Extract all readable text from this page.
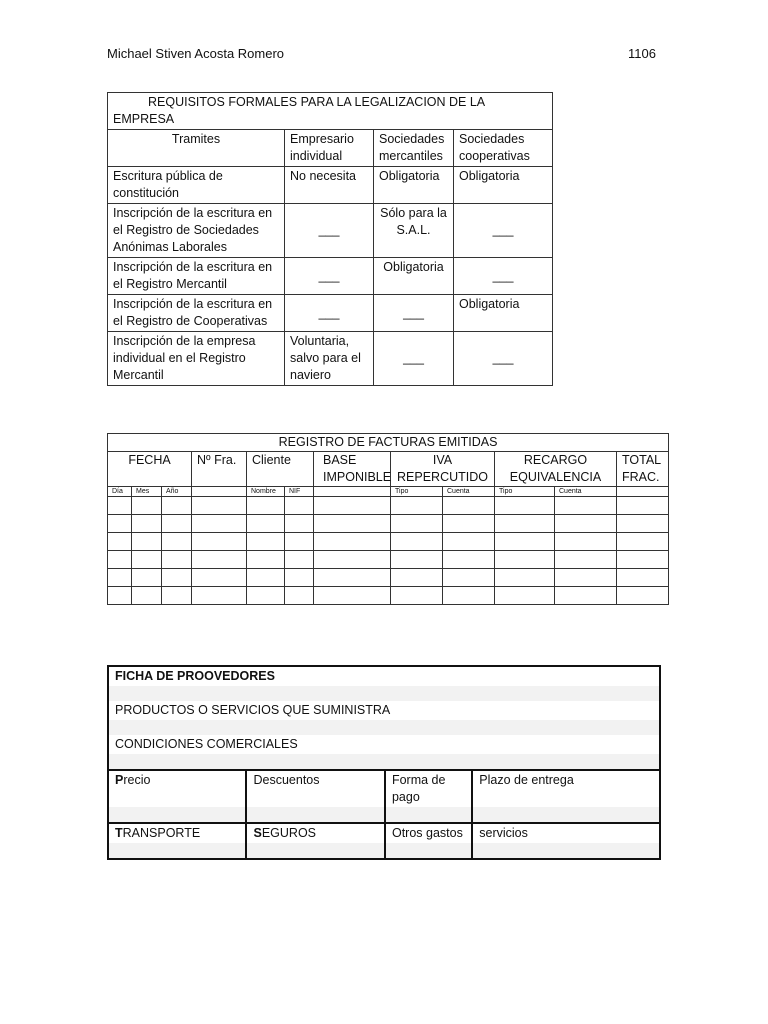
Michael Stiven Acosta Romero	1106
REQUISITOS FORMALES PARA LA LEGALIZACION DE LA EMPRESA			

Tramites	Empresario individual	Sociedades mercantiles	Sociedades cooperativas
Escritura pública de constitución	No necesita	Obligatoria	Obligatoria
Inscripción de la escritura en el Registro de Sociedades Anónimas Laborales	___	Sólo para la S.A.L.	___
Inscripción de la escritura en el Registro Mercantil	___	Obligatoria	___
Inscripción de la escritura en el Registro de Cooperativas	___	___	Obligatoria
Inscripción de la empresa individual en el Registro Mercantil	Voluntaria, salvo para el naviero	___	___
REGISTRO DE FACTURAS EMITIDAS											
FECHA			Nº Fra.	Cliente		BASE IMPONIBLE	IVA REPERCUTIDO		RECARGO EQUIVALENCIA		TOTAL FRAC.
Día	Mes	Año		Nombre	NIF		Tipo	Cuenta	Tipo	Cuenta	

FICHA DE PROOVEDORES			

PRODUCTOS O SERVICIOS QUE SUMINISTRA			

CONDICIONES COMERCIALES			

Precio	Descuentos	Forma de pago	Plazo de entrega

TRANSPORTE	SEGUROS	Otros gastos	servicios
